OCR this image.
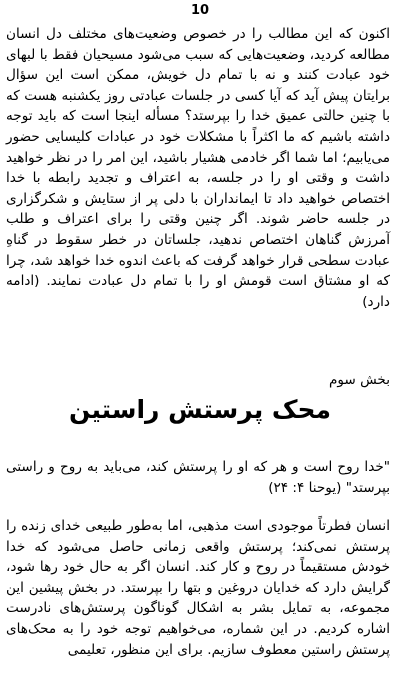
10

اکنون که این مطالب را در خصوص وضعیت‌های مختلف دل انسان مطالعه کردید، وضعیت‌هایی که سبب می‌شود مسیحیان فقط با لبهای خود عبادت کنند و نه با تمام دل خویش، ممکن است این سؤال برایتان پیش آید که آیا کسی در جلسات عبادتی روز یکشنبه هست که با چنین حالتی عمیق خدا را بپرستد؟ مسأله اینجا است که باید توجه داشته باشیم که ما اکثراً با مشکلات خود در عبادات کلیسایی حضور می‌یابیم؛ اما شما اگر خادمی هشیار باشید، این امر را در نظر خواهید داشت و وقتی او را در جلسه، به اعتراف و تجدید رابطه با خدا اختصاص خواهید داد تا ایمانداران با دلی پر از ستایش و شکرگزاری در جلسه حاضر شوند. اگر چنین وقتی را برای اعتراف و طلب آمرزش گناهان اختصاص ندهید، جلساتان در خطر سقوط در گناهِ عبادت سطحی قرار خواهد گرفت که باعث اندوه خدا خواهد شد، چرا که او مشتاق است قومش او را با تمام دل عبادت نمایند. (ادامه دارد)

بخش سوم
محک پرستش راستین

"خدا روح است و هر که او را پرستش کند، می‌باید به روح و راستی بپرستد" (یوحنا ۴: ۲۴)

انسان فطرتاً موجودی است مذهبی، اما به‌طور طبیعی خدای زنده را پرستش نمی‌کند؛ پرستش واقعی زمانی حاصل می‌شود که خدا خودش مستقیماً در روح و کار کند. انسان اگر به حال خود رها شود، گرایش دارد که خدایان دروغین و بتها را بپرستد. در بخش پیشین این مجموعه، به تمایل بشر به اشکال گوناگون پرستش‌های نادرست اشاره کردیم. در این شماره، می‌خواهیم توجه خود را به محک‌های پرستش راستین معطوف سازیم. برای این منظور، تعلیمی
